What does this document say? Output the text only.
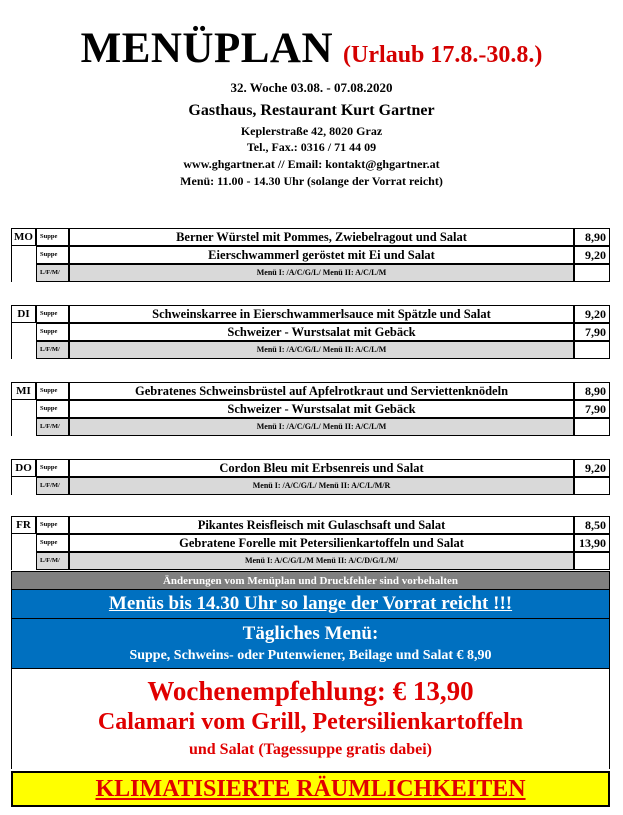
MENÜPLAN (Urlaub 17.8.-30.8.)
32. Woche 03.08. - 07.08.2020
Gasthaus, Restaurant Kurt Gartner
Keplerstraße 42, 8020 Graz
Tel., Fax.: 0316 / 71 44 09
www.ghgartner.at // Email: kontakt@ghgartner.at
Menü: 11.00 - 14.30 Uhr (solange der Vorrat reicht)
MO	Suppe	Berner Würstel mit Pommes, Zwiebelragout und Salat	8,90
Suppe	Eierschwammerl geröstet mit Ei und Salat	9,20
L/F/M/	Menü I: /A/C/G/L/ Menü II: A/C/L/M
DI	Suppe	Schweinskarree in Eierschwammerlsauce mit Spätzle und Salat	9,20
Suppe	Schweizer - Wurstsalat mit Gebäck	7,90
L/F/M/	Menü I: /A/C/G/L/ Menü II: A/C/L/M
MI	Suppe	Gebratenes Schweinsbrüstel auf Apfelrotkraut und Serviettenknödeln	8,90
Suppe	Schweizer - Wurstsalat mit Gebäck	7,90
L/F/M/	Menü I: /A/C/G/L/ Menü II: A/C/L/M
DO	Suppe	Cordon Bleu mit Erbsenreis und Salat	9,20
L/F/M/	Menü I: /A/C/G/L/ Menü II: A/C/L/M/R
FR	Suppe	Pikantes Reisfleisch mit Gulaschsaft und Salat	8,50
Suppe	Gebratene Forelle mit Petersilienkartoffeln und Salat	13,90
L/F/M/	Menü I: A/C/G/L/M Menü II: A/C/D/G/L/M/
Änderungen vom Menüplan und Druckfehler sind vorbehalten
Menüs bis 14.30 Uhr so lange der Vorrat reicht !!!
Tägliches Menü:
Suppe, Schweins- oder Putenwiener, Beilage und Salat € 8,90
Wochenempfehlung: € 13,90
Calamari vom Grill, Petersilienkartoffeln
und Salat (Tagessuppe gratis dabei)
KLIMATISIERTE RÄUMLICHKEITEN
